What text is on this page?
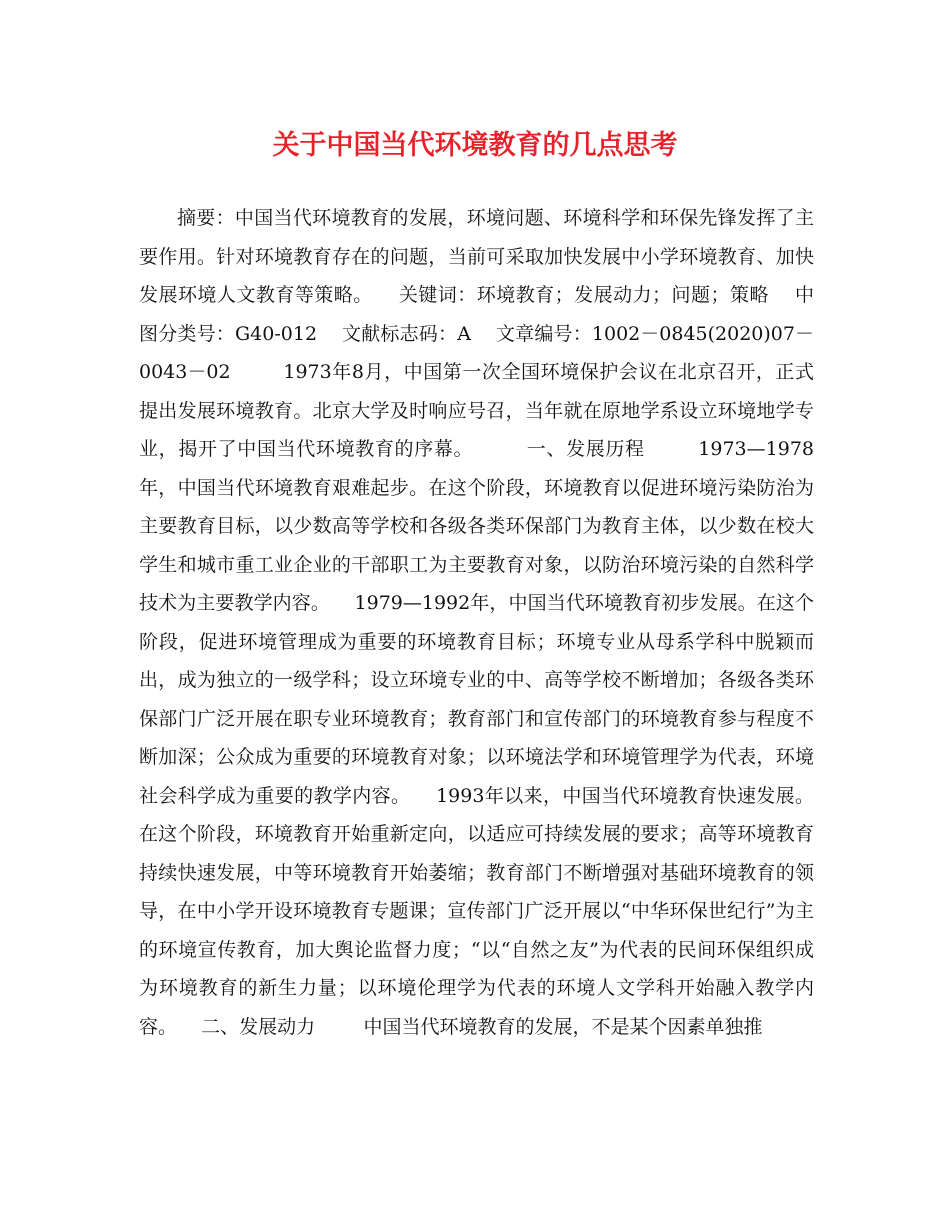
关于中国当代环境教育的几点思考

摘要：中国当代环境教育的发展，环境问题、环境科学和环保先锋发挥了主要作用。针对环境教育存在的问题，当前可采取加快发展中小学环境教育、加快发展环境人文教育等策略。    关键词：环境教育；发展动力；问题；策略    中图分类号：G40-012    文献标志码：A    文章编号：1002－0845(2020)07－0043－02        1973年8月，中国第一次全国环境保护会议在北京召开，正式提出发展环境教育。北京大学及时响应号召，当年就在原地学系设立环境地学专业，揭开了中国当代环境教育的序幕。        一、发展历程        1973—1978年，中国当代环境教育艰难起步。在这个阶段，环境教育以促进环境污染防治为主要教育目标，以少数高等学校和各级各类环保部门为教育主体，以少数在校大学生和城市重工业企业的干部职工为主要教育对象，以防治环境污染的自然科学技术为主要教学内容。    1979—1992年，中国当代环境教育初步发展。在这个阶段，促进环境管理成为重要的环境教育目标；环境专业从母系学科中脱颖而出，成为独立的一级学科；设立环境专业的中、高等学校不断增加；各级各类环保部门广泛开展在职专业环境教育；教育部门和宣传部门的环境教育参与程度不断加深；公众成为重要的环境教育对象；以环境法学和环境管理学为代表，环境社会科学成为重要的教学内容。    1993年以来，中国当代环境教育快速发展。在这个阶段，环境教育开始重新定向，以适应可持续发展的要求；高等环境教育持续快速发展，中等环境教育开始萎缩；教育部门不断增强对基础环境教育的领导，在中小学开设环境教育专题课；宣传部门广泛开展以“中华环保世纪行”为主的环境宣传教育，加大舆论监督力度；“以“自然之友”为代表的民间环保组织成为环境教育的新生力量；以环境伦理学为代表的环境人文学科开始融入教学内容。    二、发展动力        中国当代环境教育的发展，不是某个因素单独推
